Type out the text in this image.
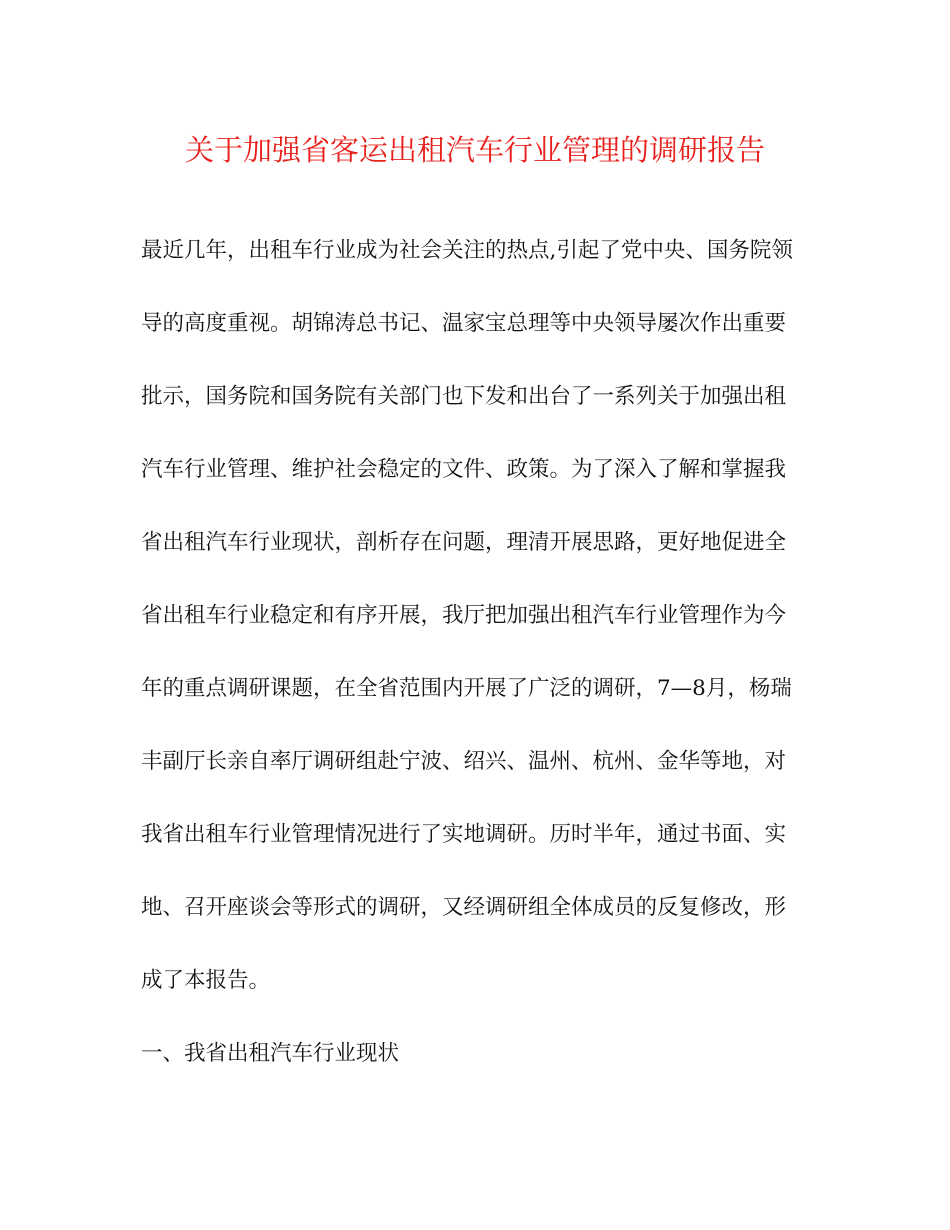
关于加强省客运出租汽车行业管理的调研报告
最近几年，出租车行业成为社会关注的热点,引起了党中央、国务院领
导的高度重视。胡锦涛总书记、温家宝总理等中央领导屡次作出重要
批示，国务院和国务院有关部门也下发和出台了一系列关于加强出租
汽车行业管理、维护社会稳定的文件、政策。为了深入了解和掌握我
省出租汽车行业现状，剖析存在问题，理清开展思路，更好地促进全
省出租车行业稳定和有序开展，我厅把加强出租汽车行业管理作为今
年的重点调研课题，在全省范围内开展了广泛的调研，7—8月，杨瑞
丰副厅长亲自率厅调研组赴宁波、绍兴、温州、杭州、金华等地，对
我省出租车行业管理情况进行了实地调研。历时半年，通过书面、实
地、召开座谈会等形式的调研，又经调研组全体成员的反复修改，形
成了本报告。
一、我省出租汽车行业现状
